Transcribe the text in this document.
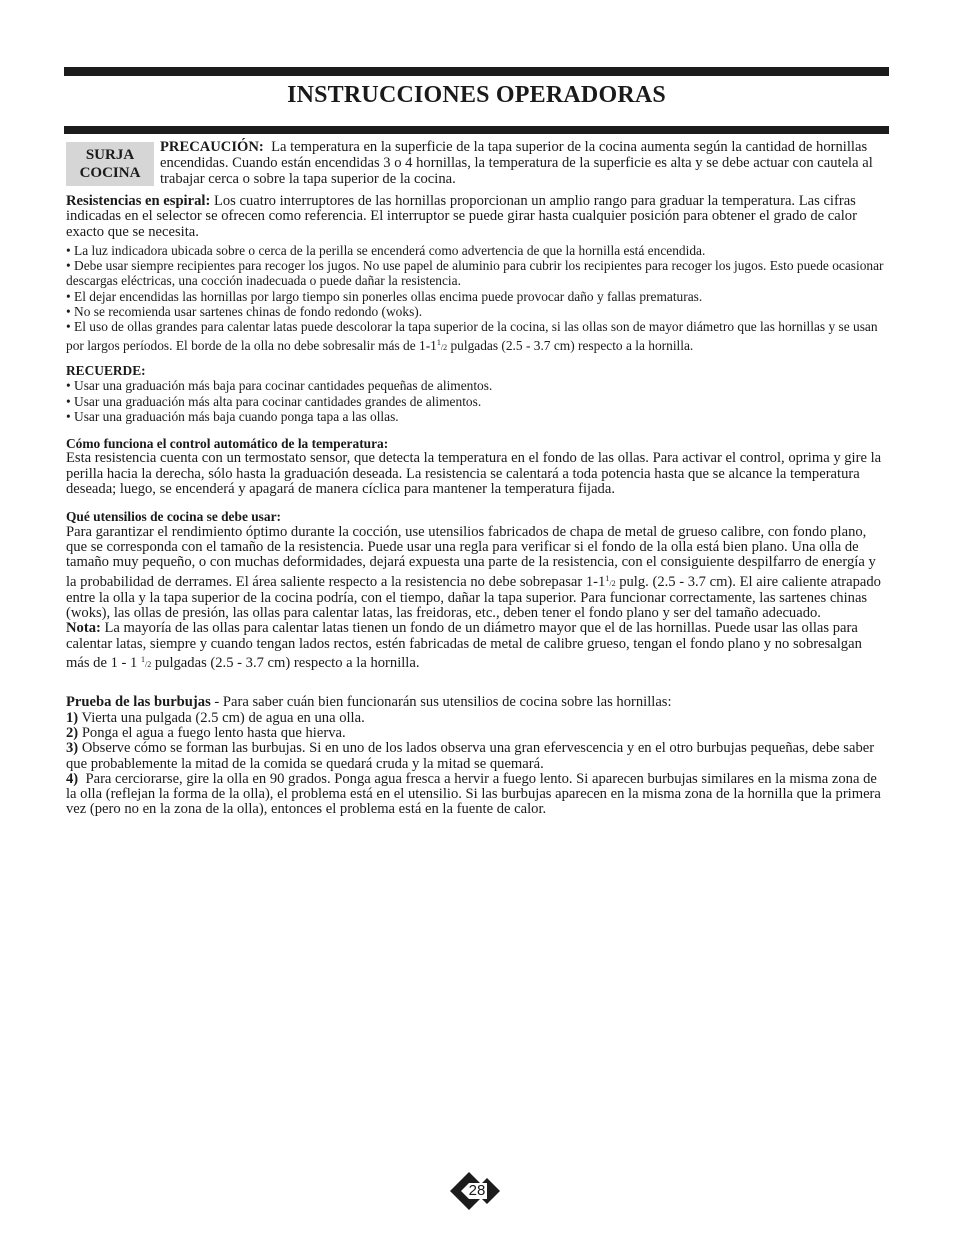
INSTRUCCIONES OPERADORAS
SURJA
COCINA
PRECAUCIÓN: La temperatura en la superficie de la tapa superior de la cocina aumenta según la cantidad de hornillas encendidas. Cuando están encendidas 3 o 4 hornillas, la temperatura de la superficie es alta y se debe actuar con cautela al trabajar cerca o sobre la tapa superior de la cocina.

Resistencias en espiral: Los cuatro interruptores de las hornillas proporcionan un amplio rango para graduar la temperatura. Las cifras indicadas en el selector se ofrecen como referencia. El interruptor se puede girar hasta cualquier posición para obtener el grado de calor exacto que se necesita.

• La luz indicadora ubicada sobre o cerca de la perilla se encenderá como advertencia de que la hornilla está encendida.

• Debe usar siempre recipientes para recoger los jugos. No use papel de aluminio para cubrir los recipientes para recoger los jugos. Esto puede ocasionar descargas eléctricas, una cocción inadecuada o puede dañar la resistencia.

• El dejar encendidas las hornillas por largo tiempo sin ponerles ollas encima puede provocar daño y fallas prematuras.

• No se recomienda usar sartenes chinas de fondo redondo (woks).

• El uso de ollas grandes para calentar latas puede descolorar la tapa superior de la cocina, si las ollas son de mayor diámetro que las hornillas y se usan por largos períodos. El borde de la olla no debe sobresalir más de $1-1^1/2$ pulgadas (2.5 - 3.7 cm) respecto a la hornilla.

RECUERDE:

• Usar una graduación más baja para cocinar cantidades pequeñas de alimentos.

• Usar una graduación más alta para cocinar cantidades grandes de alimentos.

• Usar una graduación más baja cuando ponga tapa a las ollas.

Cómo funciona el control automático de la temperatura:

Esta resistencia cuenta con un termostato sensor, que detecta la temperatura en el fondo de las ollas. Para activar el control, oprima y gire la perilla hacia la derecha, sólo hasta la graduación deseada. La resistencia se calentará a toda potencia hasta que se alcance la temperatura deseada; luego, se encenderá y apagará de manera cíclica para mantener la temperatura fijada.

Qué utensilios de cocina se debe usar:

Para garantizar el rendimiento óptimo durante la cocción, use utensilios fabricados de chapa de metal de grueso calibre, con fondo plano, que se corresponda con el tamaño de la resistencia. Puede usar una regla para verificar si el fondo de la olla está bien plano. Una olla de tamaño muy pequeño, o con muchas deformidades, dejará expuesta una parte de la resistencia, con el consiguiente despilfarro de energía y la probabilidad de derrames. El área saliente respecto a la resistencia no debe sobrepasar $1-1^1/2$ pulg. (2.5 - 3.7 cm). El aire caliente atrapado entre la olla y la tapa superior de la cocina podría, con el tiempo, dañar la tapa superior. Para funcionar correctamente, las sartenes chinas (woks), las ollas de presión, las ollas para calentar latas, las freidoras, etc., deben tener el fondo plano y ser del tamaño adecuado.

Nota: La mayoría de las ollas para calentar latas tienen un fondo de un diámetro mayor que el de las hornillas. Puede usar las ollas para calentar latas, siempre y cuando tengan lados rectos, estén fabricadas de metal de calibre grueso, tengan el fondo plano y no sobresalgan más de 1 - 1 $^1$/2 pulgadas (2.5 - 3.7 cm) respecto a la hornilla.

Prueba de las burbujas - Para saber cuán bien funcionarán sus utensilios de cocina sobre las hornillas:

1) Vierta una pulgada (2.5 cm) de agua en una olla.

2) Ponga el agua a fuego lento hasta que hierva.

3) Observe cómo se forman las burbujas. Si en uno de los lados observa una gran efervescencia y en el otro burbujas pequeñas, debe saber que probablemente la mitad de la comida se quedará cruda y la mitad se quemará.

4)  Para cerciorarse, gire la olla en 90 grados. Ponga agua fresca a hervir a fuego lento. Si aparecen burbujas similares en la misma zona de la olla (reflejan la forma de la olla), el problema está en el utensilio. Si las burbujas aparecen en la misma zona de la hornilla que la primera vez (pero no en la zona de la olla), entonces el problema está en la fuente de calor.

28
